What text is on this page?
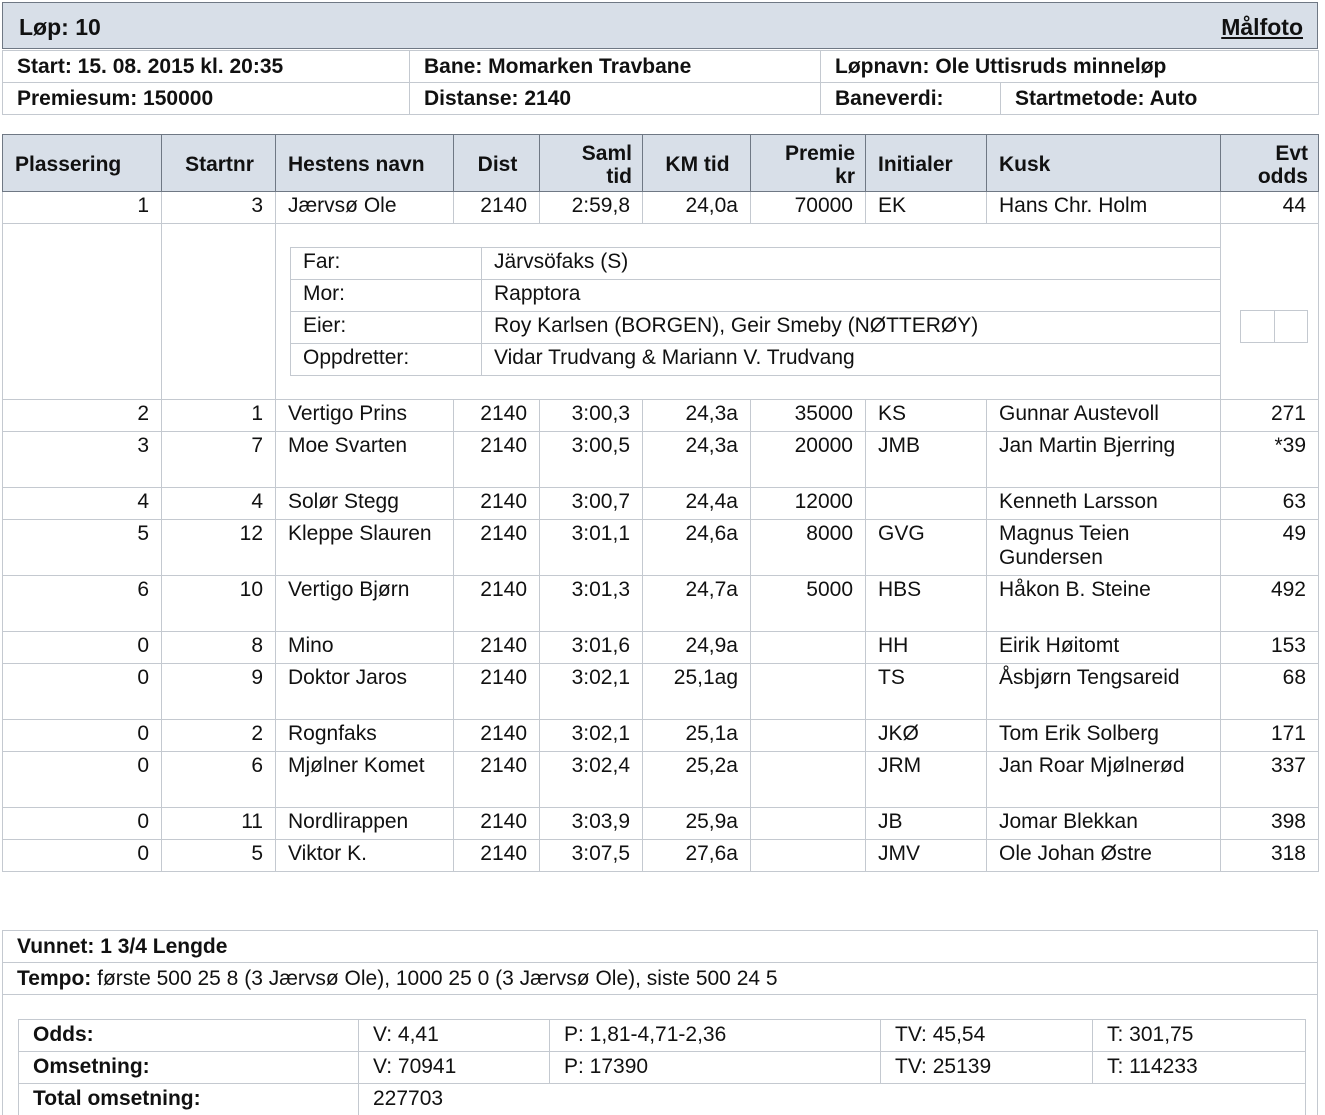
Løp: 10	Målfoto
Start: 15. 08. 2015 kl. 20:35	Bane: Momarken Travbane	Løpnavn: Ole Uttisruds minneløp	
Premiesum: 150000	Distanse: 2140	Baneverdi:	Startmetode: Auto
Plassering	Startnr	Hestens navn	Dist	Saml tid	KM tid	Premie kr	Initialer	Kusk	Evt odds
1	3	Jærvsø Ole	2140	2:59,8	24,0a	70000	EK	Hans Chr. Holm	44

Far:	Järvsöfaks (S)
Mor:	Rapptora
Eier:	Roy Karlsen (BORGEN), Geir Smeby (NØTTERØY)
Oppdretter:	Vidar Trudvang & Mariann V. Trudvang

2	1	Vertigo Prins	2140	3:00,3	24,3a	35000	KS	Gunnar Austevoll	271
3	7	Moe Svarten	2140	3:00,5	24,3a	20000	JMB	Jan Martin Bjerring	*39
4	4	Solør Stegg	2140	3:00,7	24,4a	12000		Kenneth Larsson	63
5	12	Kleppe Slauren	2140	3:01,1	24,6a	8000	GVG	Magnus Teien Gundersen	49
6	10	Vertigo Bjørn	2140	3:01,3	24,7a	5000	HBS	Håkon B. Steine	492
0	8	Mino	2140	3:01,6	24,9a		HH	Eirik Høitomt	153
0	9	Doktor Jaros	2140	3:02,1	25,1ag		TS	Åsbjørn Tengsareid	68
0	2	Rognfaks	2140	3:02,1	25,1a		JKØ	Tom Erik Solberg	171
0	6	Mjølner Komet	2140	3:02,4	25,2a		JRM	Jan Roar Mjølnerød	337
0	11	Nordlirappen	2140	3:03,9	25,9a		JB	Jomar Blekkan	398
0	5	Viktor K.	2140	3:07,5	27,6a		JMV	Ole Johan Østre	318
Vunnet: 1 3/4 Lengde
Tempo: første 500 25 8 (3 Jærvsø Ole), 1000 25 0 (3 Jærvsø Ole), siste 500 24 5
Odds:	V: 4,41	P: 1,81-4,71-2,36	TV: 45,54	T: 301,75
Omsetning:	V: 70941	P: 17390	TV: 25139	T: 114233
Total omsetning:	227703			
